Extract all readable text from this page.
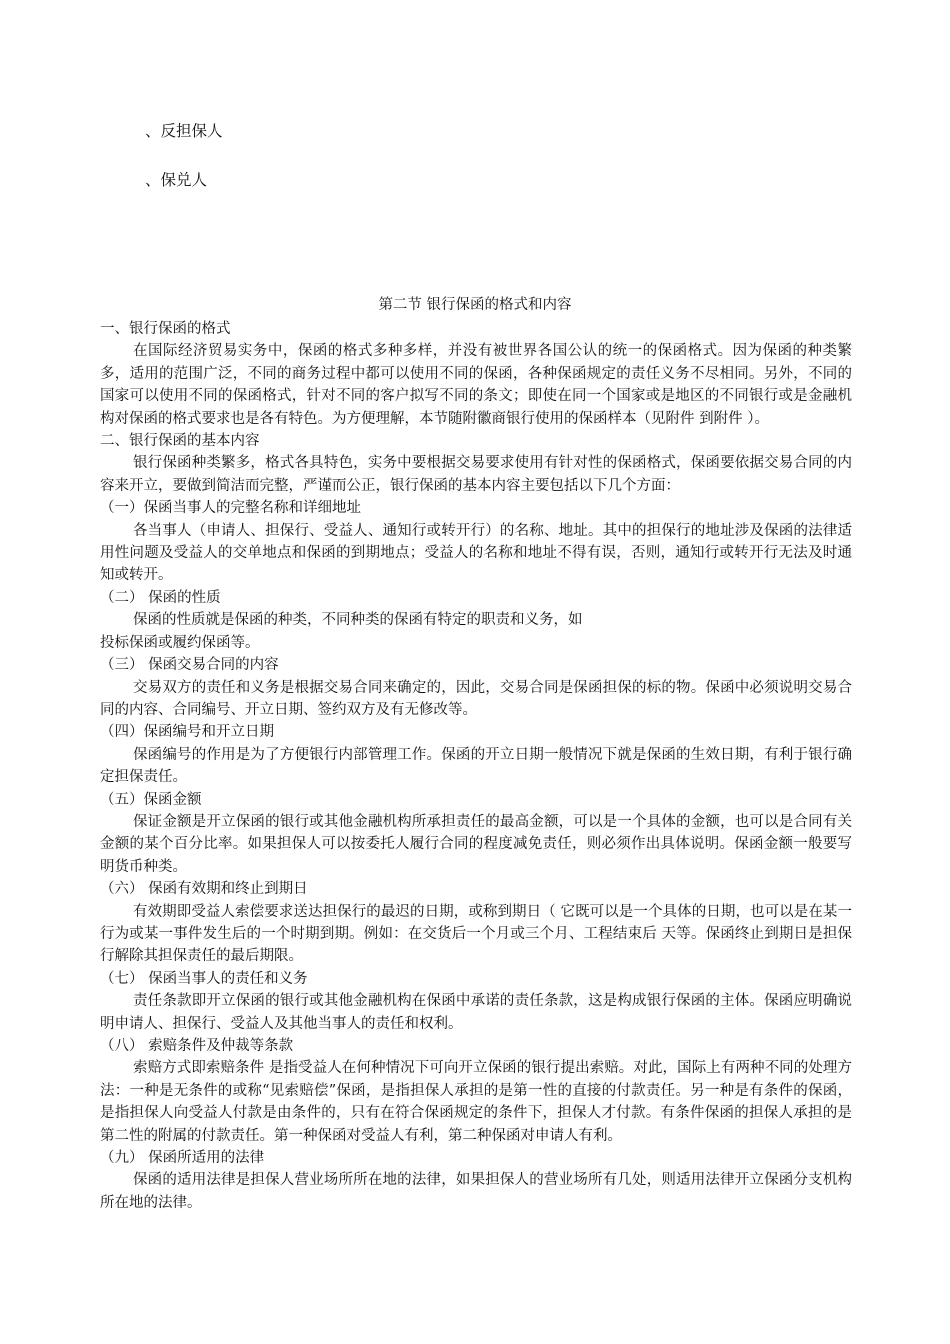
、反担保人
、保兑人
第二节 银行保函的格式和内容

一、银行保函的格式

在国际经济贸易实务中，保函的格式多种多样，并没有被世界各国公认的统一的保函格式。因为保函的种类繁多，适用的范围广泛，不同的商务过程中都可以使用不同的保函，各种保函规定的责任义务不尽相同。另外，不同的国家可以使用不同的保函格式，针对不同的客户拟写不同的条文；即使在同一个国家或是地区的不同银行或是金融机构对保函的格式要求也是各有特色。为方便理解，本节随附徽商银行使用的保函样本（见附件 到附件 ）。

二、银行保函的基本内容

银行保函种类繁多，格式各具特色，实务中要根据交易要求使用有针对性的保函格式，保函要依据交易合同的内容来开立，要做到简洁而完整，严谨而公正，银行保函的基本内容主要包括以下几个方面：

（一）保函当事人的完整名称和详细地址

各当事人（申请人、担保行、受益人、通知行或转开行）的名称、地址。其中的担保行的地址涉及保函的法律适用性问题及受益人的交单地点和保函的到期地点；受益人的名称和地址不得有误，否则，通知行或转开行无法及时通知或转开。

（二） 保函的性质

保函的性质就是保函的种类，不同种类的保函有特定的职责和义务，如

投标保函或履约保函等。

（三） 保函交易合同的内容

交易双方的责任和义务是根据交易合同来确定的，因此，交易合同是保函担保的标的物。保函中必须说明交易合同的内容、合同编号、开立日期、签约双方及有无修改等。

（四）保函编号和开立日期

保函编号的作用是为了方便银行内部管理工作。保函的开立日期一般情况下就是保函的生效日期，有利于银行确定担保责任。

（五）保函金额

保证金额是开立保函的银行或其他金融机构所承担责任的最高金额，可以是一个具体的金额，也可以是合同有关金额的某个百分比率。如果担保人可以按委托人履行合同的程度减免责任，则必须作出具体说明。保函金额一般要写明货币种类。

（六） 保函有效期和终止到期日

有效期即受益人索偿要求送达担保行的最迟的日期，或称到期日（ 它既可以是一个具体的日期，也可以是在某一行为或某一事件发生后的一个时期到期。例如：在交货后一个月或三个月、工程结束后 天等。保函终止到期日是担保行解除其担保责任的最后期限。

（七） 保函当事人的责任和义务

责任条款即开立保函的银行或其他金融机构在保函中承诺的责任条款，这是构成银行保函的主体。保函应明确说明申请人、担保行、受益人及其他当事人的责任和权利。

（八） 索赔条件及仲裁等条款

索赔方式即索赔条件 是指受益人在何种情况下可向开立保函的银行提出索赔。对此，国际上有两种不同的处理方法：一种是无条件的或称“见索赔偿”保函，是指担保人承担的是第一性的直接的付款责任。另一种是有条件的保函，是指担保人向受益人付款是由条件的，只有在符合保函规定的条件下，担保人才付款。有条件保函的担保人承担的是第二性的附属的付款责任。第一种保函对受益人有利，第二种保函对申请人有利。

（九） 保函所适用的法律

保函的适用法律是担保人营业场所所在地的法律，如果担保人的营业场所有几处，则适用法律开立保函分支机构所在地的法律。
